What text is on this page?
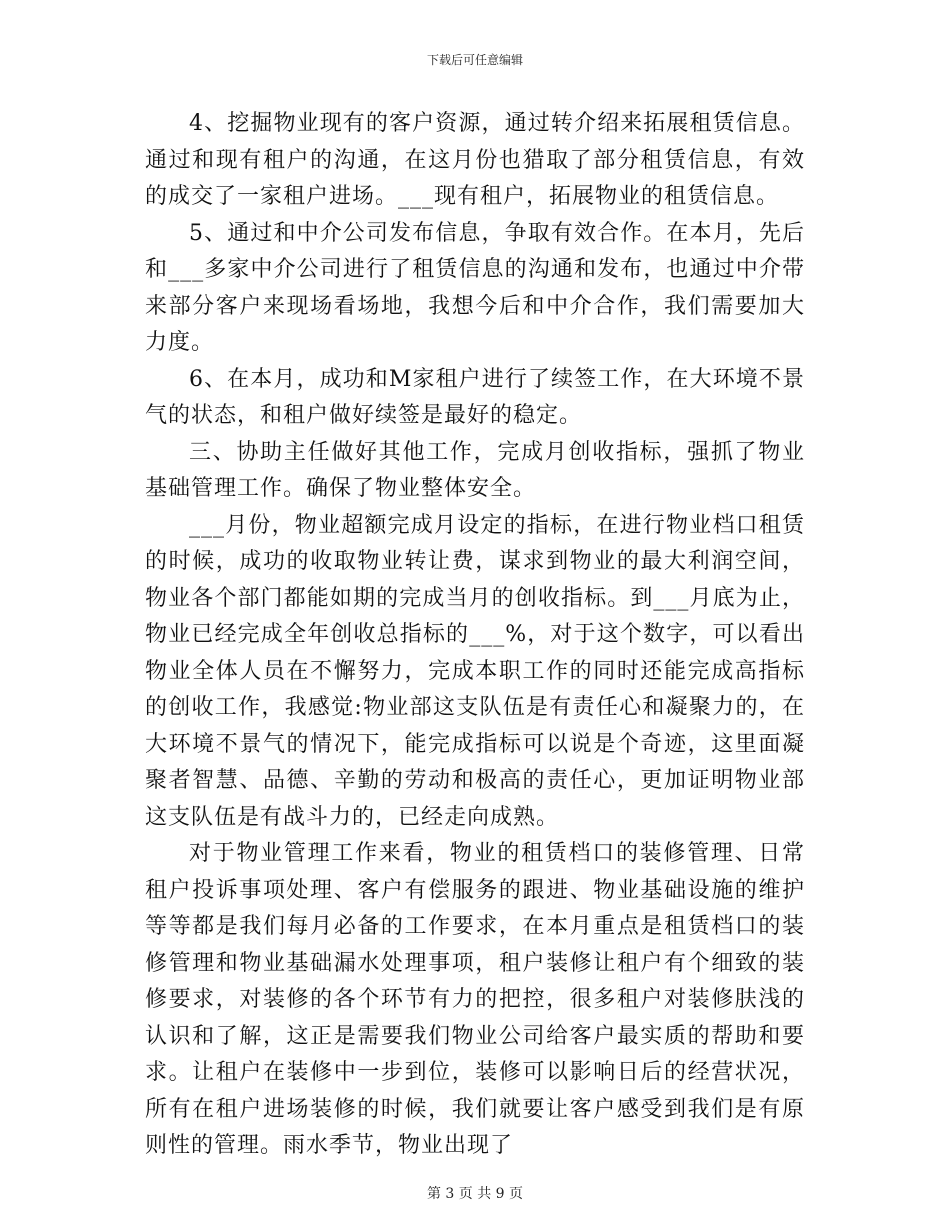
下载后可任意编辑

4、挖掘物业现有的客户资源，通过转介绍来拓展租赁信息。通过和现有租户的沟通，在这月份也猎取了部分租赁信息，有效的成交了一家租户进场。___现有租户，拓展物业的租赁信息。

5、通过和中介公司发布信息，争取有效合作。在本月，先后和___多家中介公司进行了租赁信息的沟通和发布，也通过中介带来部分客户来现场看场地，我想今后和中介合作，我们需要加大力度。

6、在本月，成功和M家租户进行了续签工作，在大环境不景气的状态，和租户做好续签是最好的稳定。

三、协助主任做好其他工作，完成月创收指标，强抓了物业基础管理工作。确保了物业整体安全。

___月份，物业超额完成月设定的指标，在进行物业档口租赁的时候，成功的收取物业转让费，谋求到物业的最大利润空间，物业各个部门都能如期的完成当月的创收指标。到___月底为止，物业已经完成全年创收总指标的___%，对于这个数字，可以看出物业全体人员在不懈努力，完成本职工作的同时还能完成高指标的创收工作，我感觉:物业部这支队伍是有责任心和凝聚力的，在大环境不景气的情况下，能完成指标可以说是个奇迹，这里面凝聚者智慧、品德、辛勤的劳动和极高的责任心，更加证明物业部这支队伍是有战斗力的，已经走向成熟。

对于物业管理工作来看，物业的租赁档口的装修管理、日常租户投诉事项处理、客户有偿服务的跟进、物业基础设施的维护等等都是我们每月必备的工作要求，在本月重点是租赁档口的装修管理和物业基础漏水处理事项，租户装修让租户有个细致的装修要求，对装修的各个环节有力的把控，很多租户对装修肤浅的认识和了解，这正是需要我们物业公司给客户最实质的帮助和要求。让租户在装修中一步到位，装修可以影响日后的经营状况，所有在租户进场装修的时候，我们就要让客户感受到我们是有原则性的管理。雨水季节，物业出现了

第 3 页 共 9 页
